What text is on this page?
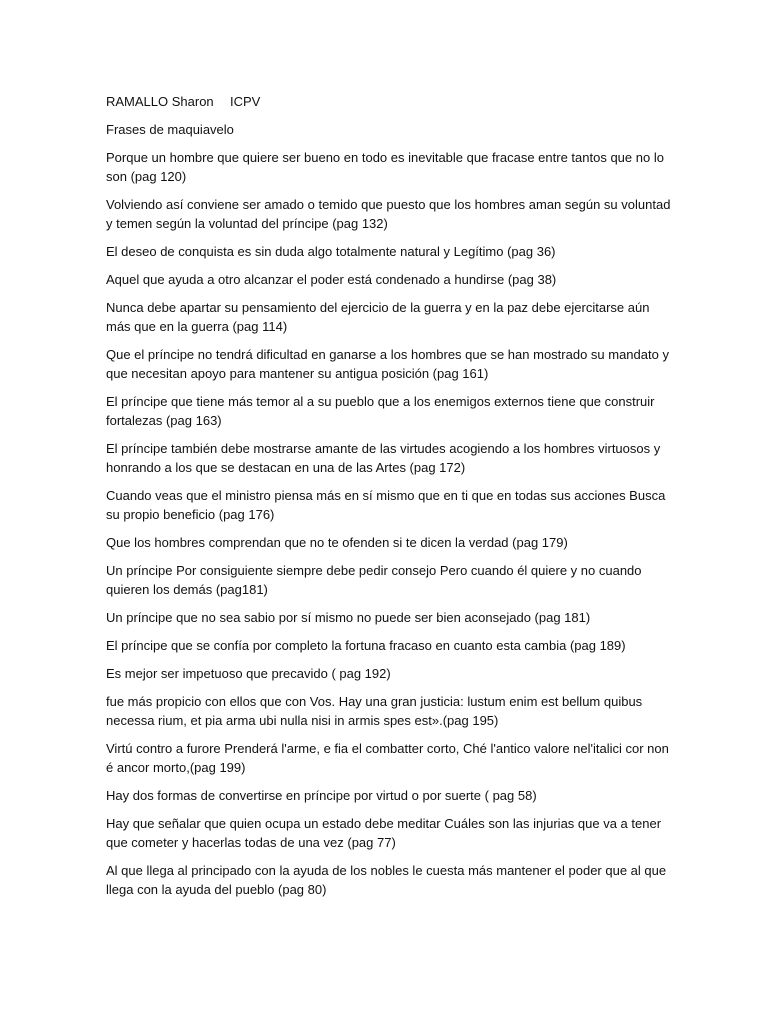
RAMALLO Sharon ICPV
Frases de maquiavelo
Porque un hombre que quiere ser bueno en todo es inevitable que fracase entre tantos que no lo son (pag 120)
Volviendo así conviene ser amado o temido que puesto que los hombres aman según su voluntad y temen según la voluntad del príncipe (pag 132)
El deseo de conquista es sin duda algo totalmente natural y Legítimo (pag 36)
Aquel que ayuda a otro alcanzar el poder está condenado a hundirse (pag 38)
Nunca debe apartar su pensamiento del ejercicio de la guerra y en la paz debe ejercitarse aún más que en la guerra (pag 114)
Que el príncipe no tendrá dificultad en ganarse a los hombres que se han mostrado su mandato y que necesitan apoyo para mantener su antigua posición (pag 161)
El príncipe que tiene más temor al a su pueblo que a los enemigos externos tiene que construir fortalezas (pag 163)
El príncipe también debe mostrarse amante de las virtudes acogiendo a los hombres virtuosos y honrando a los que se destacan en una de las Artes (pag 172)
Cuando veas que el ministro piensa más en sí mismo que en ti que en todas sus acciones Busca su propio beneficio (pag 176)
Que los hombres comprendan que no te ofenden si te dicen la verdad (pag 179)
Un príncipe Por consiguiente siempre debe pedir consejo Pero cuando él quiere y no cuando quieren los demás (pag181)
Un príncipe que no sea sabio por sí mismo no puede ser bien aconsejado (pag 181)
El príncipe que se confía por completo la fortuna fracaso en cuanto esta cambia (pag 189)
Es mejor ser impetuoso que precavido ( pag 192)
fue más propicio con ellos que con Vos. Hay una gran justicia: lustum enim est bellum quibus necessa rium, et pia arma ubi nulla nisi in armis spes est».(pag 195)
Virtú contro a furore Prenderá l'arme, e fia el combatter corto, Ché l'antico valore nel'italici cor non é ancor morto,(pag 199)
Hay dos formas de convertirse en príncipe por virtud o por suerte ( pag 58)
Hay que señalar que quien ocupa un estado debe meditar Cuáles son las injurias que va a tener que cometer y hacerlas todas de una vez (pag 77)
Al que llega al principado con la ayuda de los nobles le cuesta más mantener el poder que al que llega con la ayuda del pueblo (pag 80)
